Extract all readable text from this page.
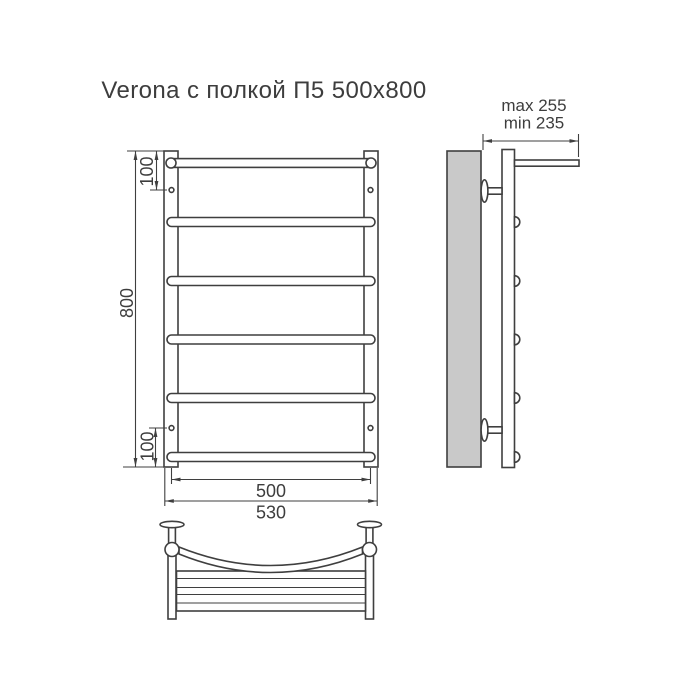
Verona с полкой П5 500x800
800
100
100
500
530
max 255
min 235
